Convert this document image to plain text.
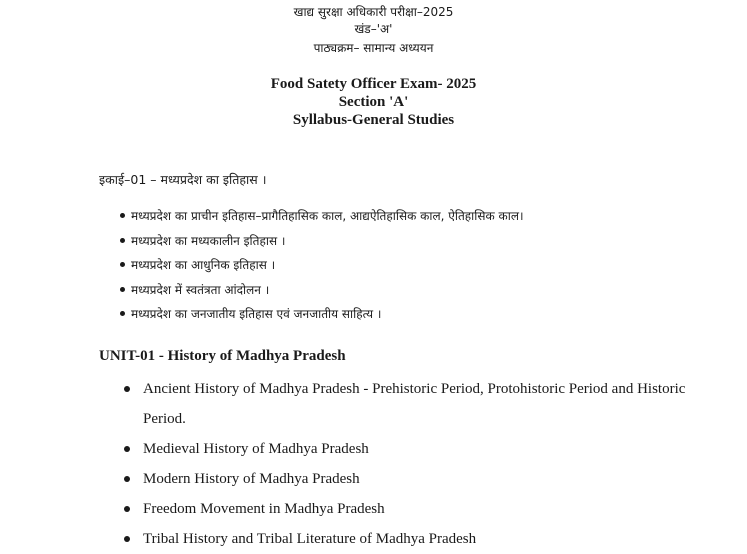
खाद्य सुरक्षा अधिकारी परीक्षा–2025
खंड–'अ'
पाठ्यक्रम– सामान्य अध्ययन
Food Satety Officer Exam- 2025
Section 'A'
Syllabus-General Studies
इकाई–01 – मध्यप्रदेश का इतिहास ।
मध्यप्रदेश का प्राचीन इतिहास–प्रागैतिहासिक काल, आद्यऐतिहासिक काल, ऐतिहासिक काल।
मध्यप्रदेश का मध्यकालीन इतिहास ।
मध्यप्रदेश का आधुनिक इतिहास ।
मध्यप्रदेश में स्वतंत्रता आंदोलन ।
मध्यप्रदेश का जनजातीय इतिहास एवं जनजातीय साहित्य ।
UNIT-01 - History of Madhya Pradesh
Ancient History of Madhya Pradesh - Prehistoric Period, Protohistoric Period and Historic Period.
Medieval History of Madhya Pradesh
Modern History of Madhya Pradesh
Freedom Movement in Madhya Pradesh
Tribal History and Tribal Literature of Madhya Pradesh
